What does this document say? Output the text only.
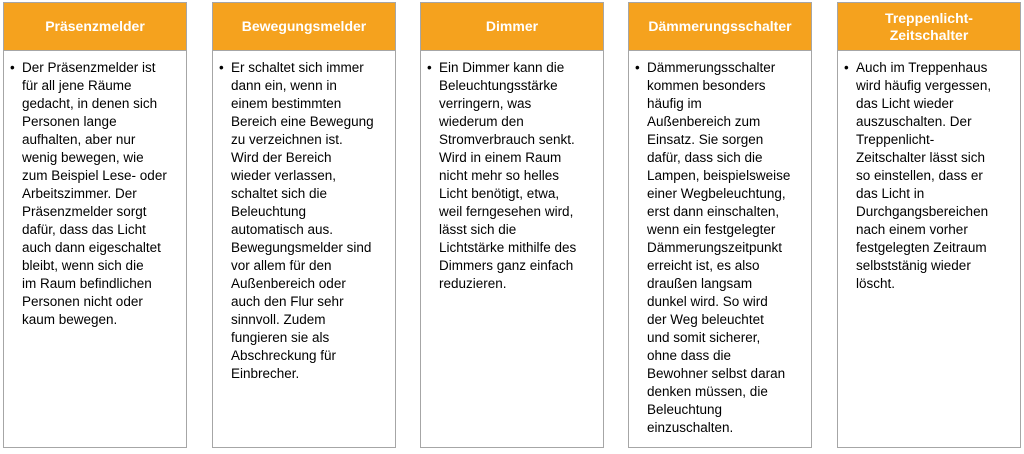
Präsenzmelder
• Der Präsenzmelder ist
für all jene Räume
gedacht, in denen sich
Personen lange
aufhalten, aber nur
wenig bewegen, wie
zum Beispiel Lese- oder
Arbeitszimmer. Der
Präsenzmelder sorgt
dafür, dass das Licht
auch dann eigeschaltet
bleibt, wenn sich die
im Raum befindlichen
Personen nicht oder
kaum bewegen.

Bewegungsmelder
• Er schaltet sich immer
dann ein, wenn in
einem bestimmten
Bereich eine Bewegung
zu verzeichnen ist.
Wird der Bereich
wieder verlassen,
schaltet sich die
Beleuchtung
automatisch aus.
Bewegungsmelder sind
vor allem für den
Außenbereich oder
auch den Flur sehr
sinnvoll. Zudem
fungieren sie als
Abschreckung für
Einbrecher.

Dimmer
• Ein Dimmer kann die
Beleuchtungsstärke
verringern, was
wiederum den
Stromverbrauch senkt.
Wird in einem Raum
nicht mehr so helles
Licht benötigt, etwa,
weil ferngesehen wird,
lässt sich die
Lichtstärke mithilfe des
Dimmers ganz einfach
reduzieren.

Dämmerungsschalter
• Dämmerungsschalter
kommen besonders
häufig im
Außenbereich zum
Einsatz. Sie sorgen
dafür, dass sich die
Lampen, beispielsweise
einer Wegbeleuchtung,
erst dann einschalten,
wenn ein festgelegter
Dämmerungszeitpunkt
erreicht ist, es also
draußen langsam
dunkel wird. So wird
der Weg beleuchtet
und somit sicherer,
ohne dass die
Bewohner selbst daran
denken müssen, die
Beleuchtung
einzuschalten.

Treppenlicht-
Zeitschalter
• Auch im Treppenhaus
wird häufig vergessen,
das Licht wieder
auszuschalten. Der
Treppenlicht-
Zeitschalter lässt sich
so einstellen, dass er
das Licht in
Durchgangsbereichen
nach einem vorher
festgelegten Zeitraum
selbststänig wieder
löscht.
